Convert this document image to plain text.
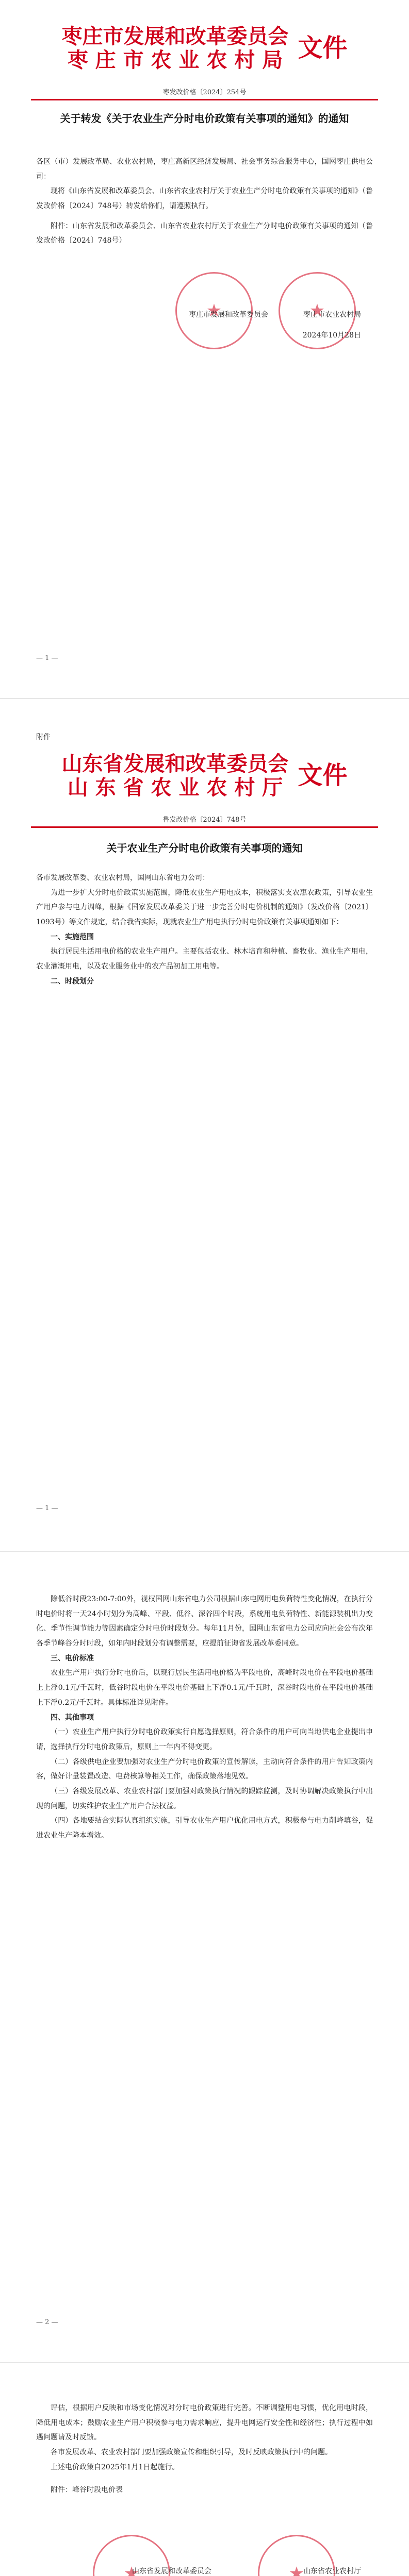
枣庄市发展和改革委员会
枣 庄 市 农 业 农 村 局 文件
枣发改价格〔2024〕254号
关于转发《关于农业生产分时电价政策有关事项的通知》的通知

各区（市）发展改革局、农业农村局，枣庄高新区经济发展局、社会事务综合服务中心，国网枣庄供电公司：

现将《山东省发展和改革委员会、山东省农业农村厅关于农业生产分时电价政策有关事项的通知》（鲁发改价格〔2024〕748号）转发给你们，请遵照执行。

附件：山东省发展和改革委员会、山东省农业农村厅关于农业生产分时电价政策有关事项的通知（鲁发改价格〔2024〕748号）

★
★
枣庄市发展和改革委员会	枣庄市农业农村局
2024年10月28日
— 1 —
附件
山东省发展和改革委员会
山 东 省 农 业 农 村 厅 文件
鲁发改价格〔2024〕748号
关于农业生产分时电价政策有关事项的通知

各市发展改革委、农业农村局，国网山东省电力公司：

为进一步扩大分时电价政策实施范围，降低农业生产用电成本，积极落实支农惠农政策，引导农业生产用户参与电力调峰，根据《国家发展改革委关于进一步完善分时电价机制的通知》（发改价格〔2021〕1093号）等文件规定，结合我省实际，现就农业生产用电执行分时电价政策有关事项通知如下：

一、实施范围

执行居民生活用电价格的农业生产用户。主要包括农业、林木培育和种植、畜牧业、渔业生产用电，农业灌溉用电，以及农业服务业中的农产品初加工用电等。

二、时段划分

— 1 —

除低谷时段23:00-7:00外，视权国网山东省电力公司根据山东电网用电负荷特性变化情况，在执行分时电价时将一天24小时划分为高峰、平段、低谷、深谷四个时段，系统用电负荷特性、新能源装机出力变化、季节性调节能力等因素确定分时电价时段划分。每年11月份，国网山东省电力公司应向社会公布次年各季节峰谷分时时段，如年内时段划分有调整需要，应提前征询省发展改革委同意。

三、电价标准

农业生产用户执行分时电价后，以现行居民生活用电价格为平段电价，高峰时段电价在平段电价基础上上浮0.1元/千瓦时，低谷时段电价在平段电价基础上下浮0.1元/千瓦时，深谷时段电价在平段电价基础上下浮0.2元/千瓦时。具体标准详见附件。

四、其他事项

（一）农业生产用户执行分时电价政策实行自愿选择原则，符合条件的用户可向当地供电企业提出申请，选择执行分时电价政策后，原则上一年内不得变更。

（二）各级供电企业要加强对农业生产分时电价政策的宣传解读，主动向符合条件的用户告知政策内容，做好计量装置改造、电费核算等相关工作，确保政策落地见效。

（三）各级发展改革、农业农村部门要加强对政策执行情况的跟踪监测，及时协调解决政策执行中出现的问题，切实维护农业生产用户合法权益。

（四）各地要结合实际认真组织实施，引导农业生产用户优化用电方式，积极参与电力削峰填谷，促进农业生产降本增效。

— 2 —

评估，根据用户反映和市场变化情况对分时电价政策进行完善。不断调整用电习惯，优化用电时段，降低用电成本；鼓励农业生产用户积极参与电力需求响应，提升电网运行安全性和经济性；执行过程中如遇问题请及时反馈。

各市发展改革、农业农村部门要加强政策宣传和组织引导，及时反映政策执行中的问题。

上述电价政策自2025年1月1日起施行。

附件：峰谷时段电价表

★
★
山东省发展和改革委员会	山东省农业农村厅
